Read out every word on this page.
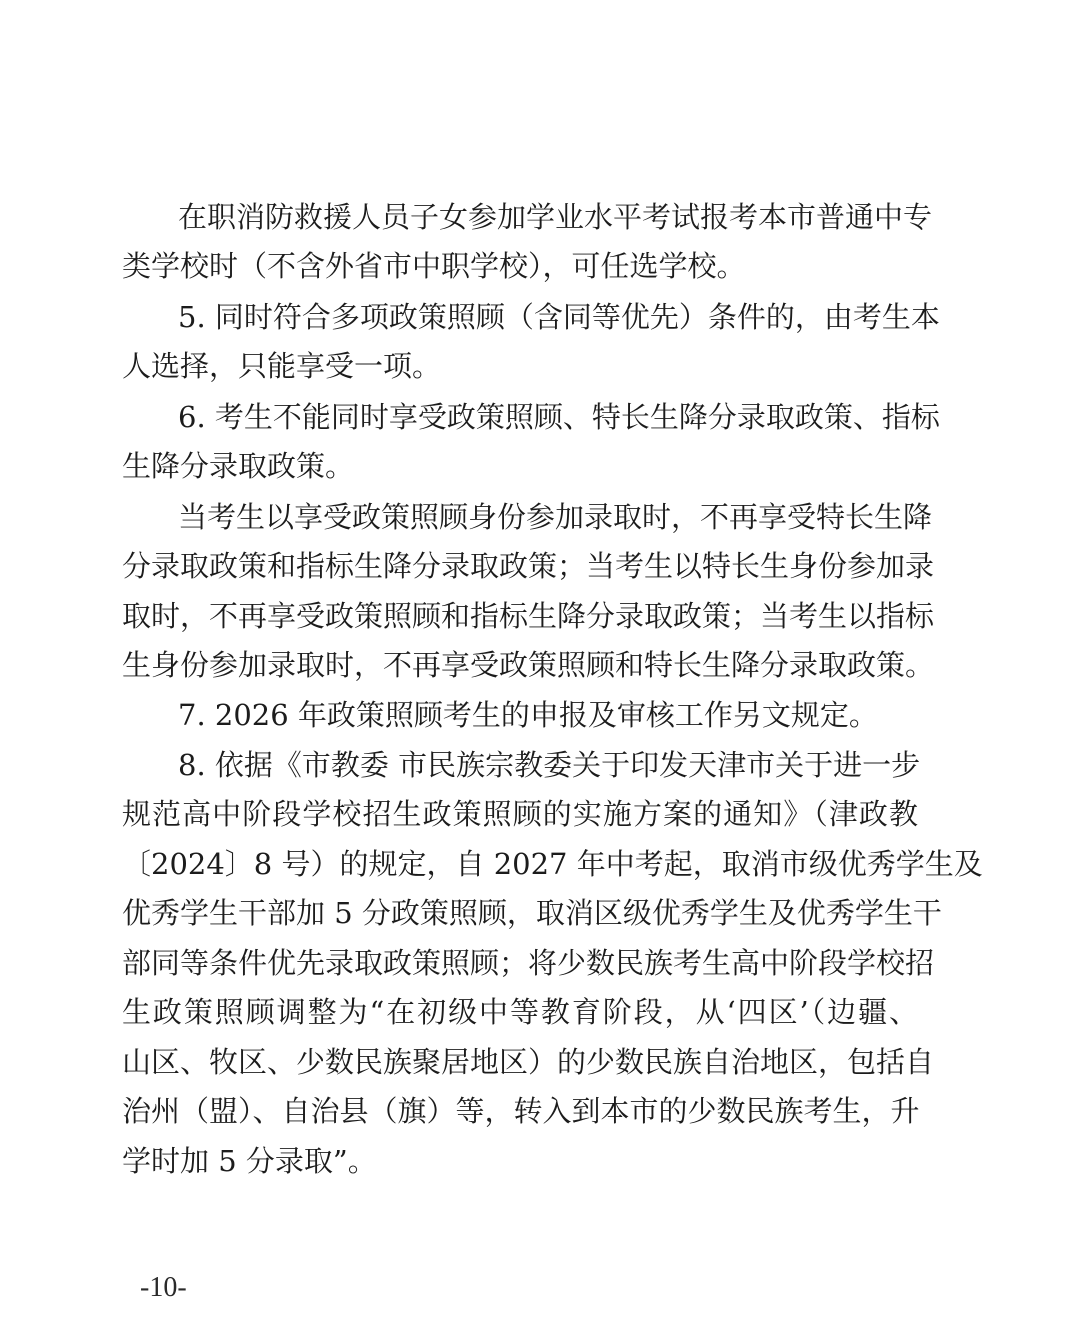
在职消防救援人员子女参加学业水平考试报考本市普通中专
类学校时（不含外省市中职学校），可任选学校。
5. 同时符合多项政策照顾（含同等优先）条件的，由考生本
人选择，只能享受一项。
6. 考生不能同时享受政策照顾、特长生降分录取政策、指标
生降分录取政策。
当考生以享受政策照顾身份参加录取时，不再享受特长生降
分录取政策和指标生降分录取政策；当考生以特长生身份参加录
取时，不再享受政策照顾和指标生降分录取政策；当考生以指标
生身份参加录取时，不再享受政策照顾和特长生降分录取政策。
7. 2026 年政策照顾考生的申报及审核工作另文规定。
8. 依据《市教委 市民族宗教委关于印发天津市关于进一步
规范高中阶段学校招生政策照顾的实施方案的通知》（津政教
〔2024〕8 号）的规定，自 2027 年中考起，取消市级优秀学生及
优秀学生干部加 5 分政策照顾，取消区级优秀学生及优秀学生干
部同等条件优先录取政策照顾；将少数民族考生高中阶段学校招
生政策照顾调整为“在初级中等教育阶段，从‘四区’（边疆、
山区、牧区、少数民族聚居地区）的少数民族自治地区，包括自
治州（盟）、自治县（旗）等，转入到本市的少数民族考生，升
学时加 5 分录取”。
-10-
